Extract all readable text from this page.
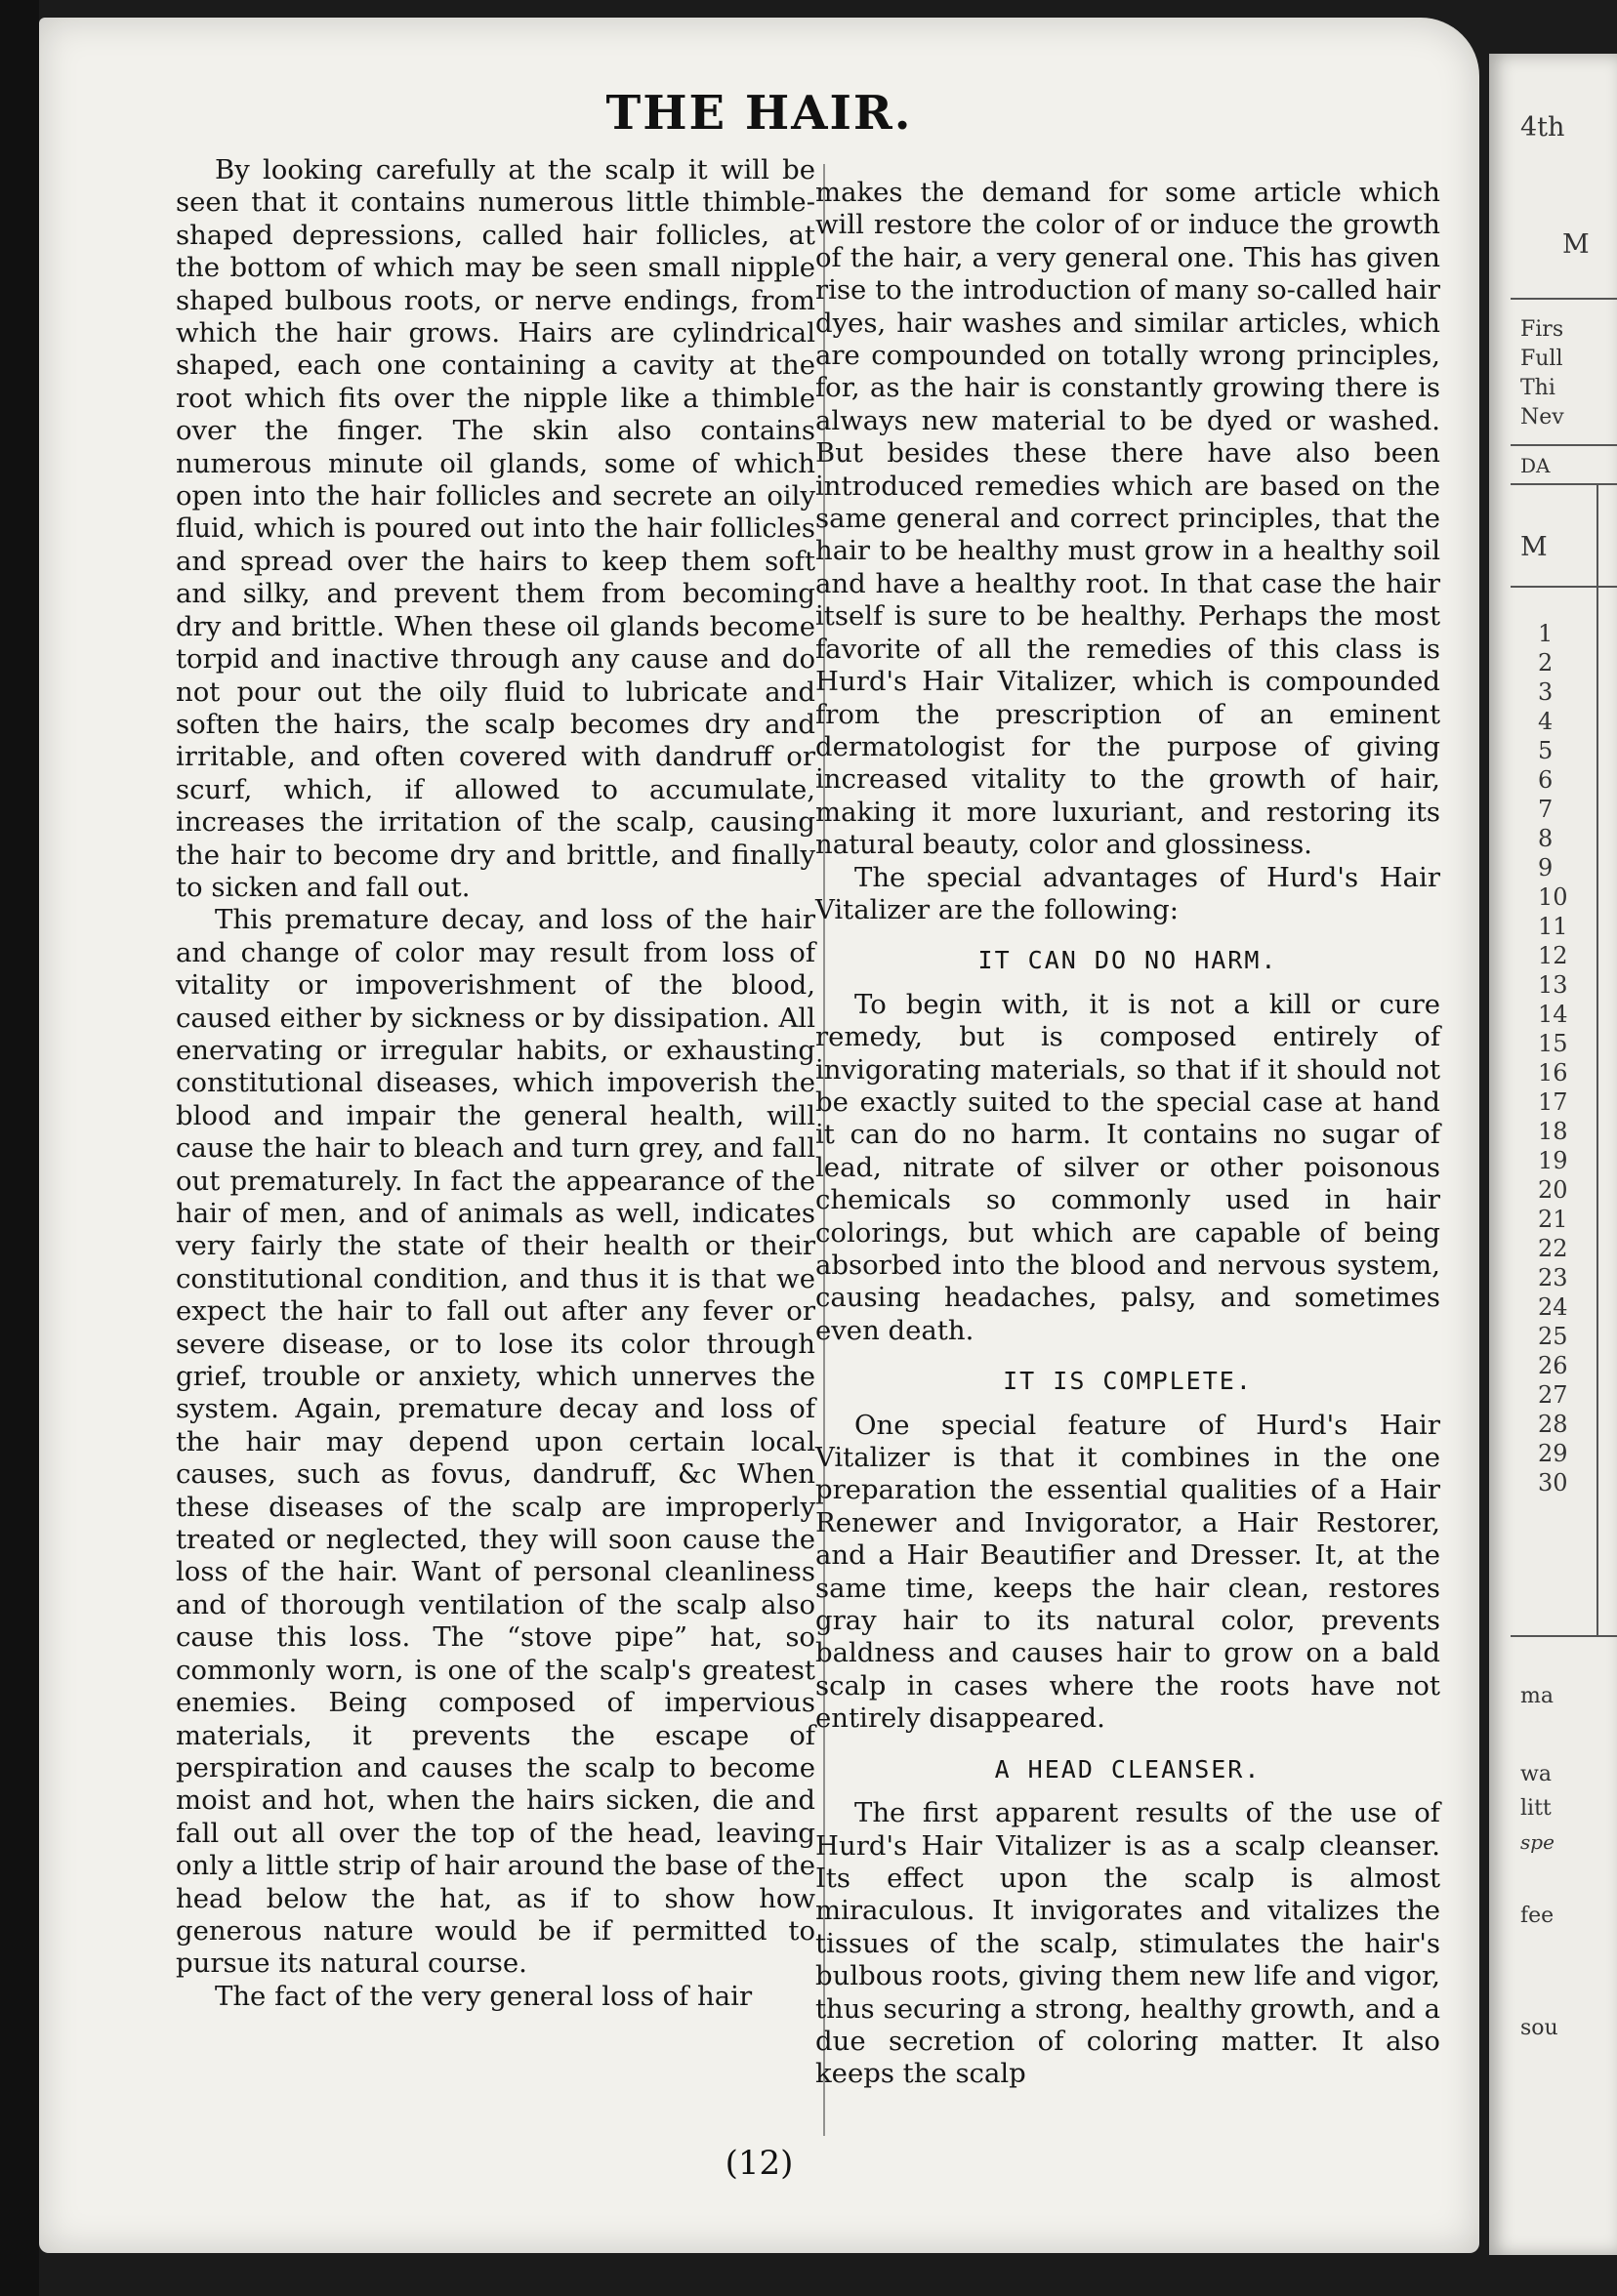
THE HAIR.

By looking carefully at the scalp it will be seen that it contains numerous little thimble-shaped depressions, called hair follicles, at the bottom of which may be seen small nipple shaped bulbous roots, or nerve endings, from which the hair grows. Hairs are cylindrical shaped, each one containing a cavity at the root which fits over the nipple like a thimble over the finger. The skin also contains numerous minute oil glands, some of which open into the hair follicles and secrete an oily fluid, which is poured out into the hair follicles and spread over the hairs to keep them soft and silky, and prevent them from becoming dry and brittle. When these oil glands become torpid and inactive through any cause and do not pour out the oily fluid to lubricate and soften the hairs, the scalp becomes dry and irritable, and often covered with dandruff or scurf, which, if allowed to accumulate, increases the irritation of the scalp, causing the hair to become dry and brittle, and finally to sicken and fall out.

This premature decay, and loss of the hair and change of color may result from loss of vitality or impoverishment of the blood, caused either by sickness or by dissipation. All enervating or irregular habits, or exhausting constitutional diseases, which impoverish the blood and impair the general health, will cause the hair to bleach and turn grey, and fall out prematurely. In fact the appearance of the hair of men, and of animals as well, indicates very fairly the state of their health or their constitutional condition, and thus it is that we expect the hair to fall out after any fever or severe disease, or to lose its color through grief, trouble or anxiety, which unnerves the system. Again, premature decay and loss of the hair may depend upon certain local causes, such as fovus, dandruff, &c When these diseases of the scalp are improperly treated or neglected, they will soon cause the loss of the hair. Want of personal cleanliness and of thorough ventilation of the scalp also cause this loss. The “stove pipe” hat, so commonly worn, is one of the scalp's greatest enemies. Being composed of impervious materials, it prevents the escape of perspiration and causes the scalp to become moist and hot, when the hairs sicken, die and fall out all over the top of the head, leaving only a little strip of hair around the base of the head below the hat, as if to show how generous nature would be if permitted to pursue its natural course.

The fact of the very general loss of hair

makes the demand for some article which will restore the color of or induce the growth of the hair, a very general one. This has given rise to the introduction of many so-called hair dyes, hair washes and similar articles, which are compounded on totally wrong principles, for, as the hair is constantly growing there is always new material to be dyed or washed. But besides these there have also been introduced remedies which are based on the same general and correct principles, that the hair to be healthy must grow in a healthy soil and have a healthy root. In that case the hair itself is sure to be healthy. Perhaps the most favorite of all the remedies of this class is Hurd's Hair Vitalizer, which is compounded from the prescription of an eminent dermatologist for the purpose of giving increased vitality to the growth of hair, making it more luxuriant, and restoring its natural beauty, color and glossiness.

The special advantages of Hurd's Hair Vitalizer are the following:

IT CAN DO NO HARM.

To begin with, it is not a kill or cure remedy, but is composed entirely of invigorating materials, so that if it should not be exactly suited to the special case at hand it can do no harm. It contains no sugar of lead, nitrate of silver or other poisonous chemicals so commonly used in hair colorings, but which are capable of being absorbed into the blood and nervous system, causing headaches, palsy, and sometimes even death.

IT IS COMPLETE.

One special feature of Hurd's Hair Vitalizer is that it combines in the one preparation the essential qualities of a Hair Renewer and Invigorator, a Hair Restorer, and a Hair Beautifier and Dresser. It, at the same time, keeps the hair clean, restores gray hair to its natural color, prevents baldness and causes hair to grow on a bald scalp in cases where the roots have not entirely disappeared.

A HEAD CLEANSER.

The first apparent results of the use of Hurd's Hair Vitalizer is as a scalp cleanser. Its effect upon the scalp is almost miraculous. It invigorates and vitalizes the tissues of the scalp, stimulates the hair's bulbous roots, giving them new life and vigor, thus securing a strong, healthy growth, and a due secretion of coloring matter. It also keeps the scalp

(12)
4th
M
Firs
Full
Thi
Nev
DA
M
1
2
3
4
5
6
7
8
9
10
11
12
13
14
15
16
17
18
19
20
21
22
23
24
25
26
27
28
29
30
ma
wa
litt
spe
fee
sou
